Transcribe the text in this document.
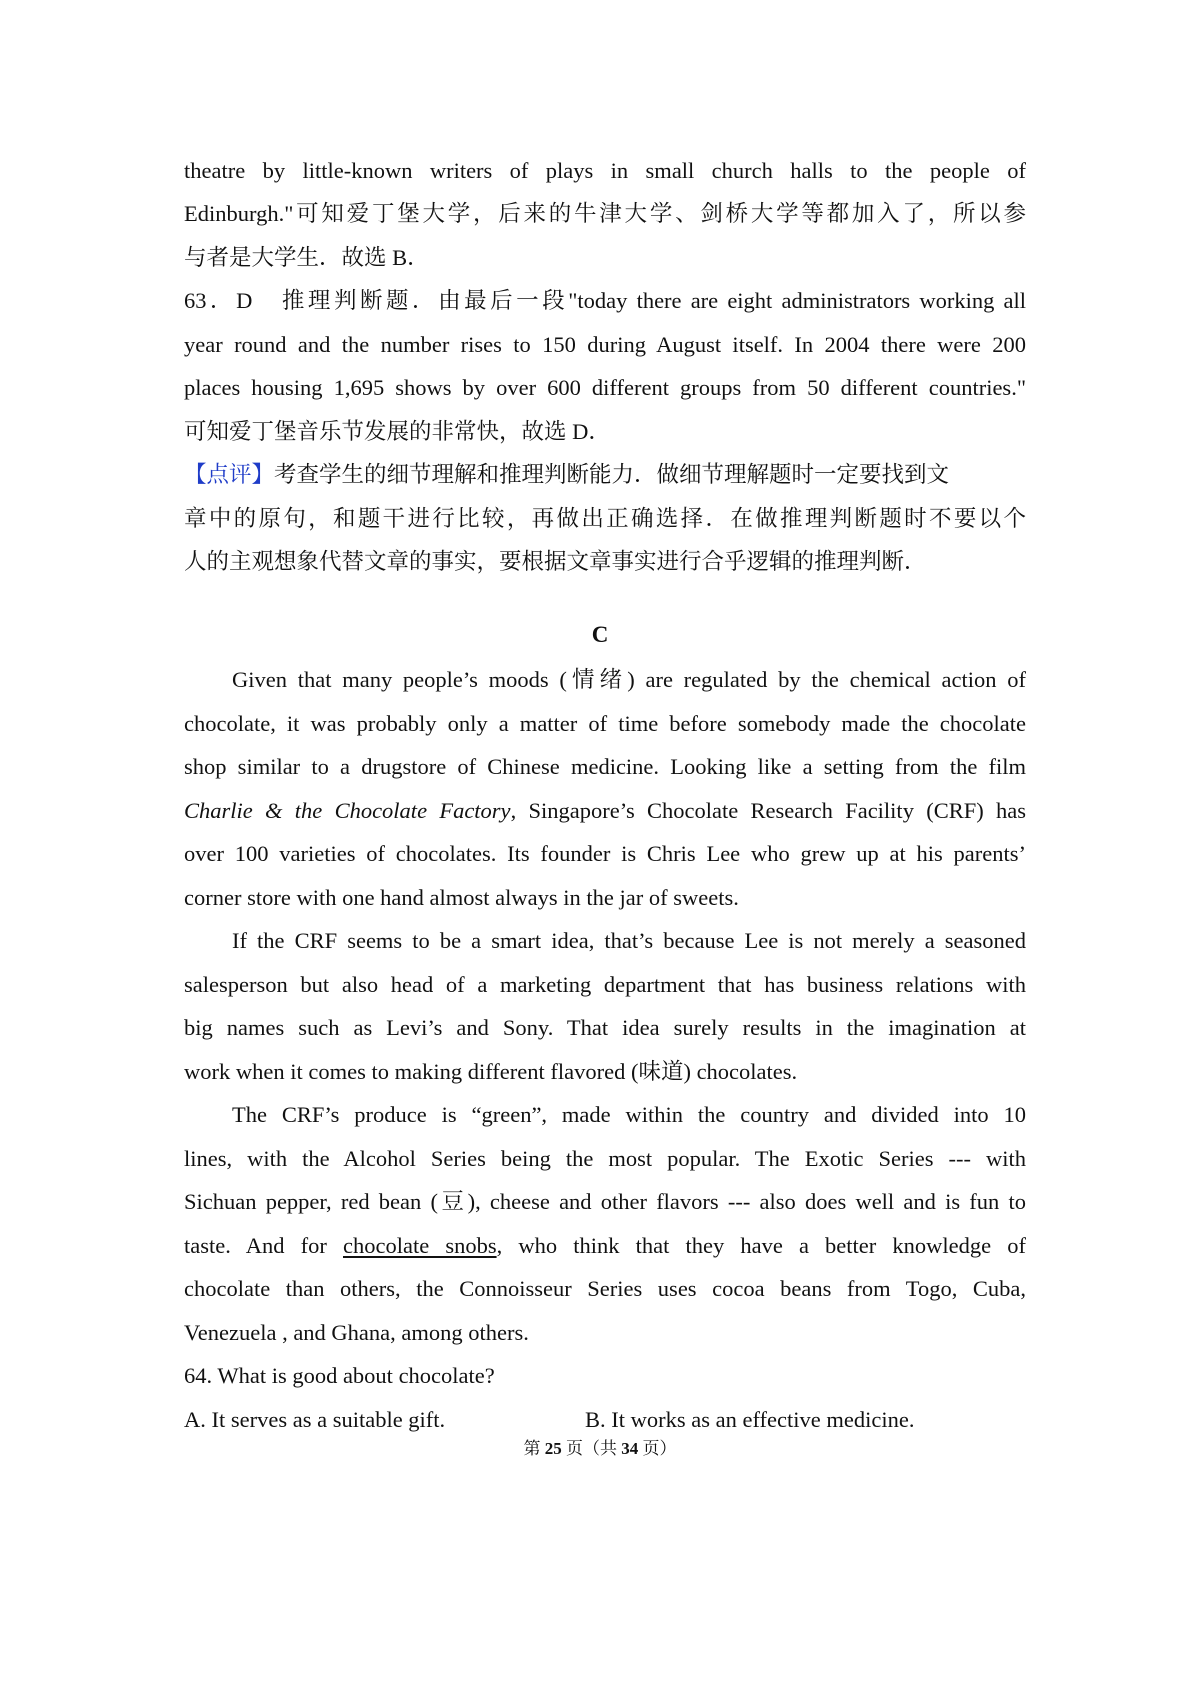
theatre by little-known writers of plays in small church halls to the people of
Edinburgh."可知爱丁堡大学，后来的牛津大学、剑桥大学等都加入了，所以参
与者是大学生．故选 B．
63．D　推理判断题．由最后一段"today there are eight administrators working all
year round and the number rises to 150 during August itself. In 2004 there were 200
places housing 1,695 shows by over 600 different groups from 50 different countries."
可知爱丁堡音乐节发展的非常快，故选 D．
【点评】考查学生的细节理解和推理判断能力．做细节理解题时一定要找到文
章中的原句，和题干进行比较，再做出正确选择．在做推理判断题时不要以个
人的主观想象代替文章的事实，要根据文章事实进行合乎逻辑的推理判断．
C
Given that many people’s moods (情绪) are regulated by the chemical action of
chocolate, it was probably only a matter of time before somebody made the chocolate
shop similar to a drugstore of Chinese medicine. Looking like a setting from the film
Charlie & the Chocolate Factory, Singapore’s Chocolate Research Facility (CRF) has
over 100 varieties of chocolates. Its founder is Chris Lee who grew up at his parents’
corner store with one hand almost always in the jar of sweets.
If the CRF seems to be a smart idea, that’s because Lee is not merely a seasoned
salesperson but also head of a marketing department that has business relations with
big names such as Levi’s and Sony. That idea surely results in the imagination at
work when it comes to making different flavored (味道) chocolates.
The CRF’s produce is “green”, made within the country and divided into 10
lines, with the Alcohol Series being the most popular. The Exotic Series --- with
Sichuan pepper, red bean (豆), cheese and other flavors --- also does well and is fun to
taste. And for chocolate snobs, who think that they have a better knowledge of
chocolate than others, the Connoisseur Series uses cocoa beans from Togo, Cuba,
Venezuela , and Ghana, among others.
64. What is good about chocolate?
A. It serves as a suitable gift.	B. It works as an effective medicine.
第 25 页（共 34 页）
